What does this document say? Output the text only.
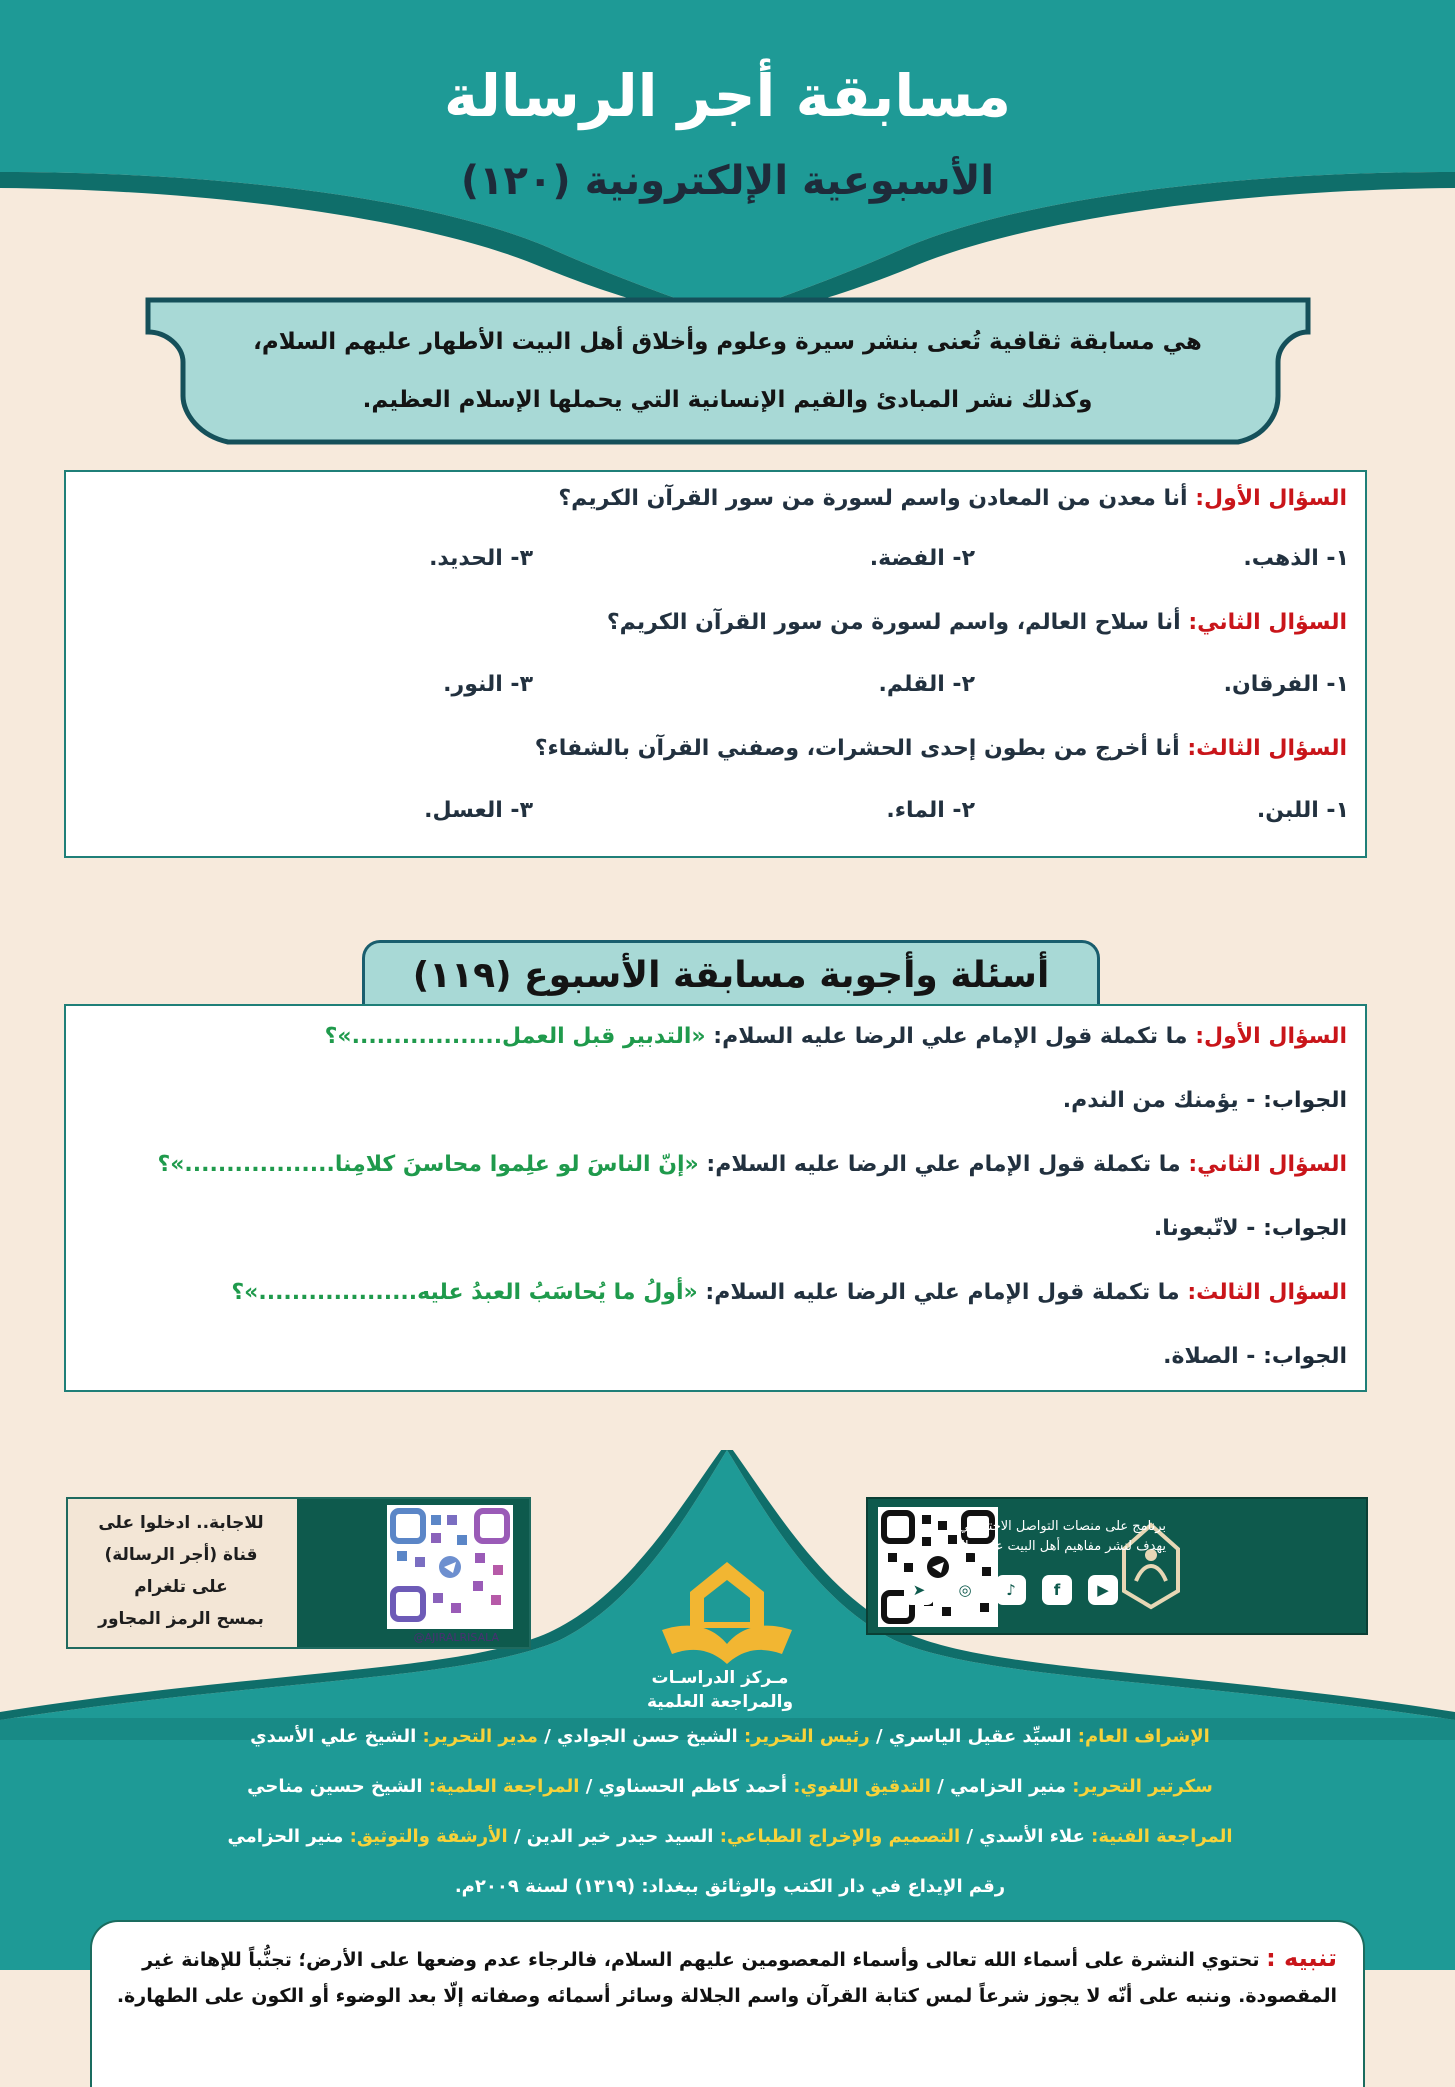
مسابقة أجر الرسالة
الأسبوعية الإلكترونية (١٢٠)

هي مسابقة ثقافية تُعنى بنشر سيرة وعلوم وأخلاق أهل البيت الأطهار عليهم السلام،

وكذلك نشر المبادئ والقيم الإنسانية التي يحملها الإسلام العظيم.

السؤال الأول: أنا معدن من المعادن واسم لسورة من سور القرآن الكريم؟
١- الذهب.
٢- الفضة.
٣- الحديد.
السؤال الثاني: أنا سلاح العالم، واسم لسورة من سور القرآن الكريم؟
١- الفرقان.
٢- القلم.
٣- النور.
السؤال الثالث: أنا أخرج من بطون إحدى الحشرات، وصفني القرآن بالشفاء؟
١- اللبن.
٢- الماء.
٣- العسل.
أسئلة وأجوبة مسابقة الأسبوع (١١٩)
السؤال الأول: ما تكملة قول الإمام علي الرضا عليه السلام: «التدبير قبل العمل..................»؟
الجواب: - يؤمنك من الندم.
السؤال الثاني: ما تكملة قول الإمام علي الرضا عليه السلام: «إنّ الناسَ لو علِموا محاسنَ كلامِنا..................»؟
الجواب: - لاتّبعونا.
السؤال الثالث: ما تكملة قول الإمام علي الرضا عليه السلام: «أولُ ما يُحاسَبُ العبدُ عليه...................»؟
الجواب: - الصلاة.
مـركز الدراسـات
والمراجعة العلمية
للاجابة.. ادخلوا على
قناة (أجر الرسالة)
على تلغرام
بمسح الرمز المجاور
@AJIRALRISALA
برنامج على منصات التواصل الاجتماعي
يهدف لنشر مفاهيم أهل البيت عليهم السلام
▶
f
♪
◎
➤
الإشراف العام: السيِّد عقيل الياسري / رئيس التحرير: الشيخ حسن الجوادي / مدير التحرير: الشيخ علي الأسدي
سكرتير التحرير: منير الحزامي / التدقيق اللغوي: أحمد كاظم الحسناوي / المراجعة العلمية: الشيخ حسين مناحي
المراجعة الفنية: علاء الأسدي / التصميم والإخراج الطباعي: السيد حيدر خير الدين / الأرشفة والتوثيق: منير الحزامي
رقم الإيداع في دار الكتب والوثائق ببغداد: (١٣١٩) لسنة ٢٠٠٩م.
تنبيه : تحتوي النشرة على أسماء الله تعالى وأسماء المعصومين عليهم السلام، فالرجاء عدم وضعها على الأرض؛ تجنُّباً للإهانة غير
المقصودة. وننبه على أنّه لا يجوز شرعاً لمس كتابة القرآن واسم الجلالة وسائر أسمائه وصفاته إلّا بعد الوضوء أو الكون على الطهارة.
